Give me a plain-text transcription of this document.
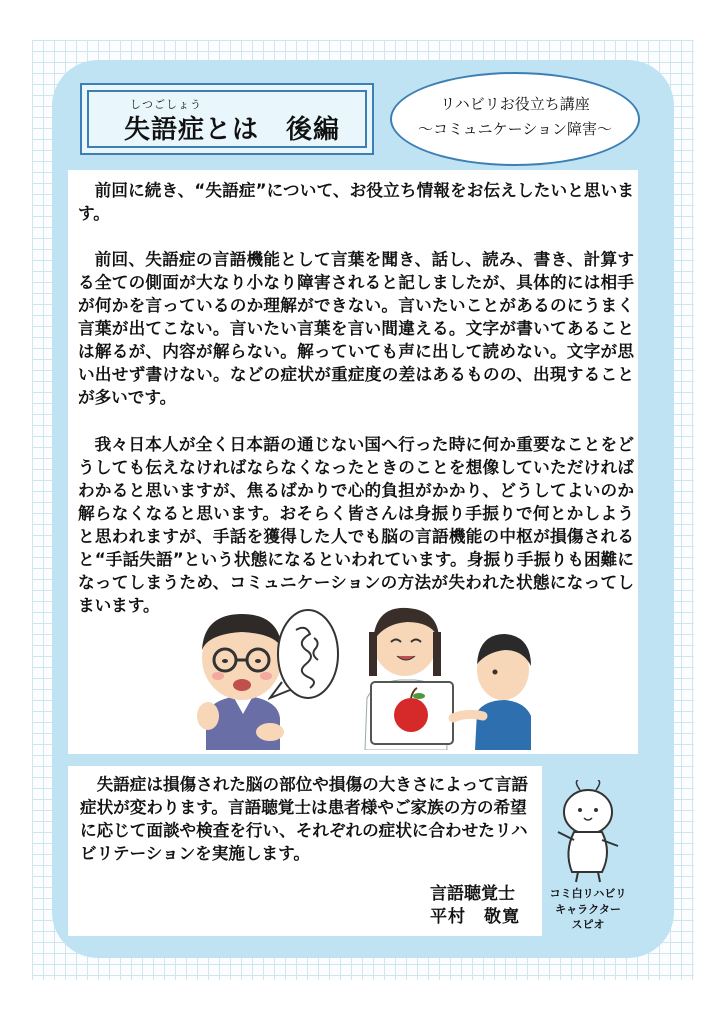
しつごしょう
失語症とは　後編
リハビリお役立ち講座
～コミュニケーション障害～

前回に続き、“失語症”について、お役立ち情報をお伝えしたいと思います。

前回、失語症の言語機能として言葉を聞き、話し、読み、書き、計算する全ての側面が大なり小なり障害されると記しましたが、具体的には相手が何かを言っているのか理解ができない。言いたいことがあるのにうまく言葉が出てこない。言いたい言葉を言い間違える。文字が書いてあることは解るが、内容が解らない。解っていても声に出して読めない。文字が思い出せず書けない。などの症状が重症度の差はあるものの、出現することが多いです。

我々日本人が全く日本語の通じない国へ行った時に何か重要なことをどうしても伝えなければならなくなったときのことを想像していただければわかると思いますが、焦るばかりで心的負担がかかり、どうしてよいのか解らなくなると思います。おそらく皆さんは身振り手振りで何とかしようと思われますが、手話を獲得した人でも脳の言語機能の中枢が損傷されると“手話失語”という状態になるといわれています。身振り手振りも困難になってしまうため、コミュニケーションの方法が失われた状態になってしまいます。

失語症は損傷された脳の部位や損傷の大きさによって言語症状が変わります。言語聴覚士は患者様やご家族の方の希望に応じて面談や検査を行い、それぞれの症状に合わせたリハビリテーションを実施します。

言語聴覚士
平村　敬寛
コミ白リハビリ
キャラクター
スピオ
